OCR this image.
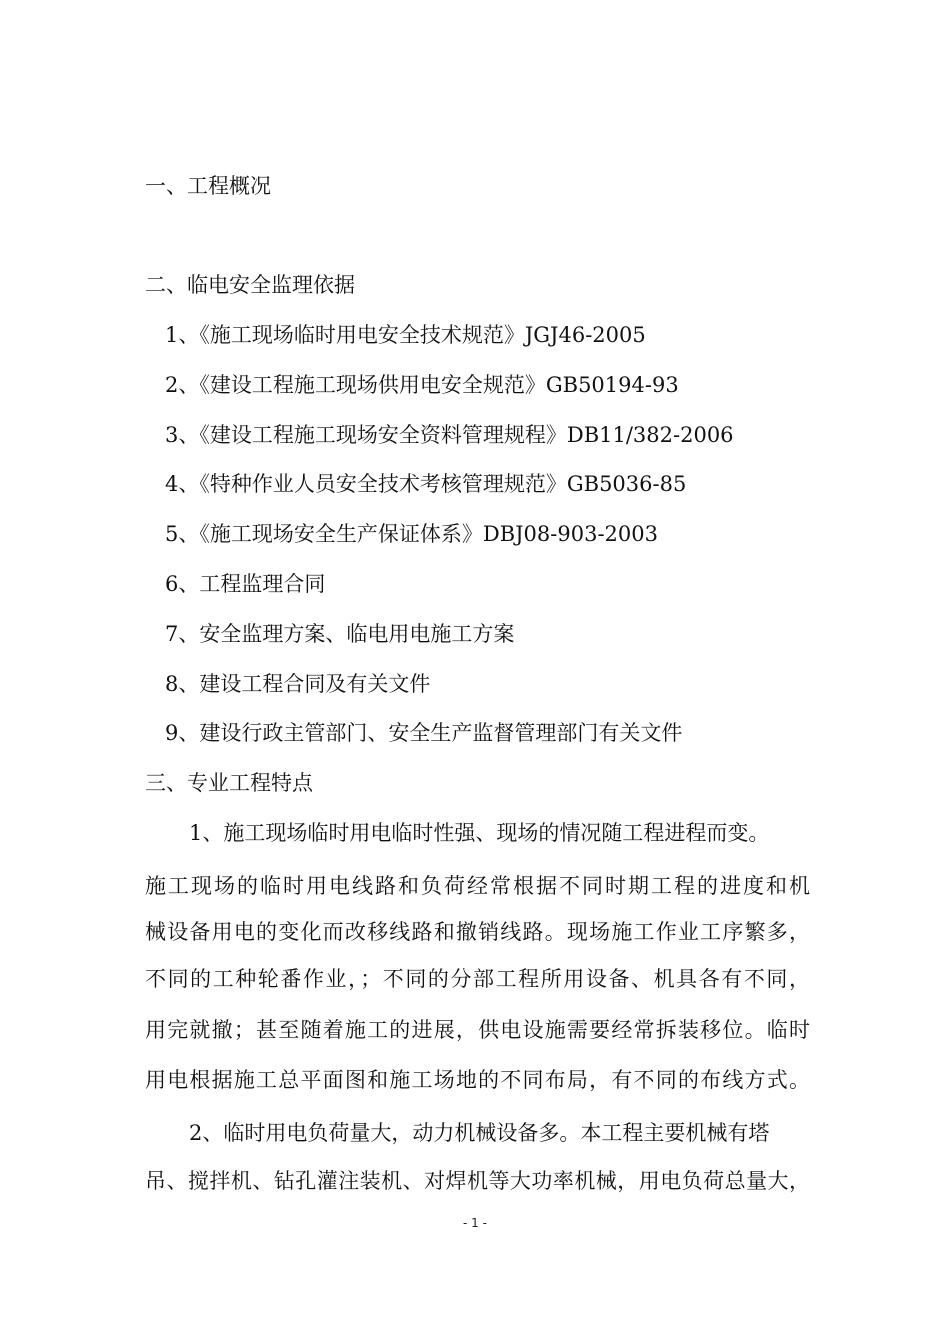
一、工程概况
二、临电安全监理依据
1、《施工现场临时用电安全技术规范》JGJ46-2005
2、《建设工程施工现场供用电安全规范》GB50194-93
3、《建设工程施工现场安全资料管理规程》DB11/382-2006
4、《特种作业人员安全技术考核管理规范》GB5036-85
5、《施工现场安全生产保证体系》DBJ08-903-2003
6、工程监理合同
7、安全监理方案、临电用电施工方案
8、建设工程合同及有关文件
9、建设行政主管部门、安全生产监督管理部门有关文件
三、专业工程特点
1、施工现场临时用电临时性强、现场的情况随工程进程而变。
施工现场的临时用电线路和负荷经常根据不同时期工程的进度和机
械设备用电的变化而改移线路和撤销线路。现场施工作业工序繁多，
不同的工种轮番作业，；不同的分部工程所用设备、机具各有不同，
用完就撤；甚至随着施工的进展，供电设施需要经常拆装移位。临时
用电根据施工总平面图和施工场地的不同布局，有不同的布线方式。
2、临时用电负荷量大，动力机械设备多。本工程主要机械有塔
吊、搅拌机、钻孔灌注装机、对焊机等大功率机械，用电负荷总量大，
- 1 -
